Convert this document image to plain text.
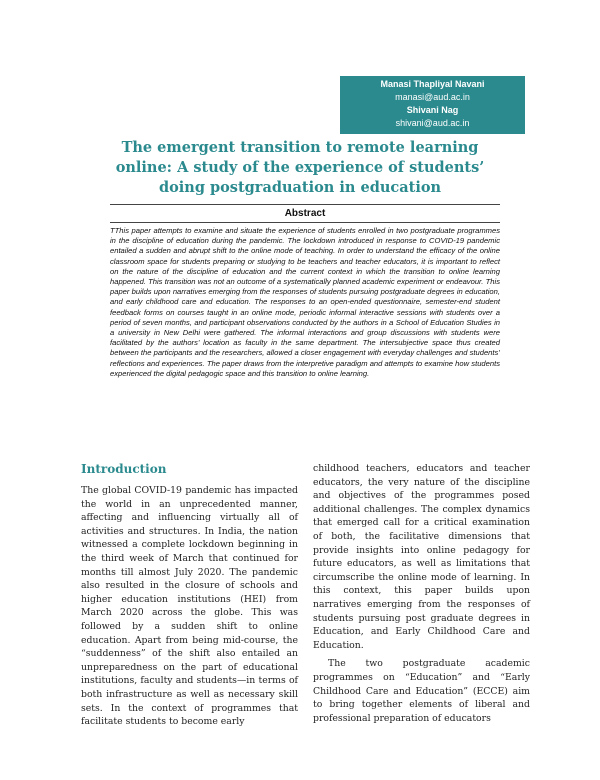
Manasi Thapliyal Navani
manasi@aud.ac.in
Shivani Nag
shivani@aud.ac.in
The emergent transition to remote learning online: A study of the experience of students’ doing postgraduation in education
Abstract

TThis paper attempts to examine and situate the experience of students enrolled in two postgraduate programmes in the discipline of education during the pandemic. The lockdown introduced in response to COVID-19 pandemic entailed a sudden and abrupt shift to the online mode of teaching. In order to understand the efficacy of the online classroom space for students preparing or studying to be teachers and teacher educators, it is important to reflect on the nature of the discipline of education and the current context in which the transition to online learning happened. This transition was not an outcome of a systematically planned academic experiment or endeavour. This paper builds upon narratives emerging from the responses of students pursuing postgraduate degrees in education, and early childhood care and education. The responses to an open-ended questionnaire, semester-end student feedback forms on courses taught in an online mode, periodic informal interactive sessions with students over a period of seven months, and participant observations conducted by the authors in a School of Education Studies in a university in New Delhi were gathered. The informal interactions and group discussions with students were facilitated by the authors’ location as faculty in the same department. The intersubjective space thus created between the participants and the researchers, allowed a closer engagement with everyday challenges and students’ reflections and experiences. The paper draws from the interpretive paradigm and attempts to examine how students experienced the digital pedagogic space and this transition to online learning.

Introduction

The global COVID-19 pandemic has impacted the world in an unprecedented manner, affecting and influencing virtually all of activities and structures. In India, the nation witnessed a complete lockdown beginning in the third week of March that continued for months till almost July 2020. The pandemic also resulted in the closure of schools and higher education institutions (HEI) from March 2020 across the globe. This was followed by a sudden shift to online education. Apart from being mid-course, the “suddenness” of the shift also entailed an unpreparedness on the part of educational institutions, faculty and students—in terms of both infrastructure as well as necessary skill sets. In the context of programmes that facilitate students to become early

childhood teachers, educators and teacher educators, the very nature of the discipline and objectives of the programmes posed additional challenges. The complex dynamics that emerged call for a critical examination of both, the facilitative dimensions that provide insights into online pedagogy for future educators, as well as limitations that circumscribe the online mode of learning. In this context, this paper builds upon narratives emerging from the responses of students pursuing post graduate degrees in Education, and Early Childhood Care and Education.

The two postgraduate academic programmes on “Education” and “Early Childhood Care and Education” (ECCE) aim to bring together elements of liberal and professional preparation of educators
